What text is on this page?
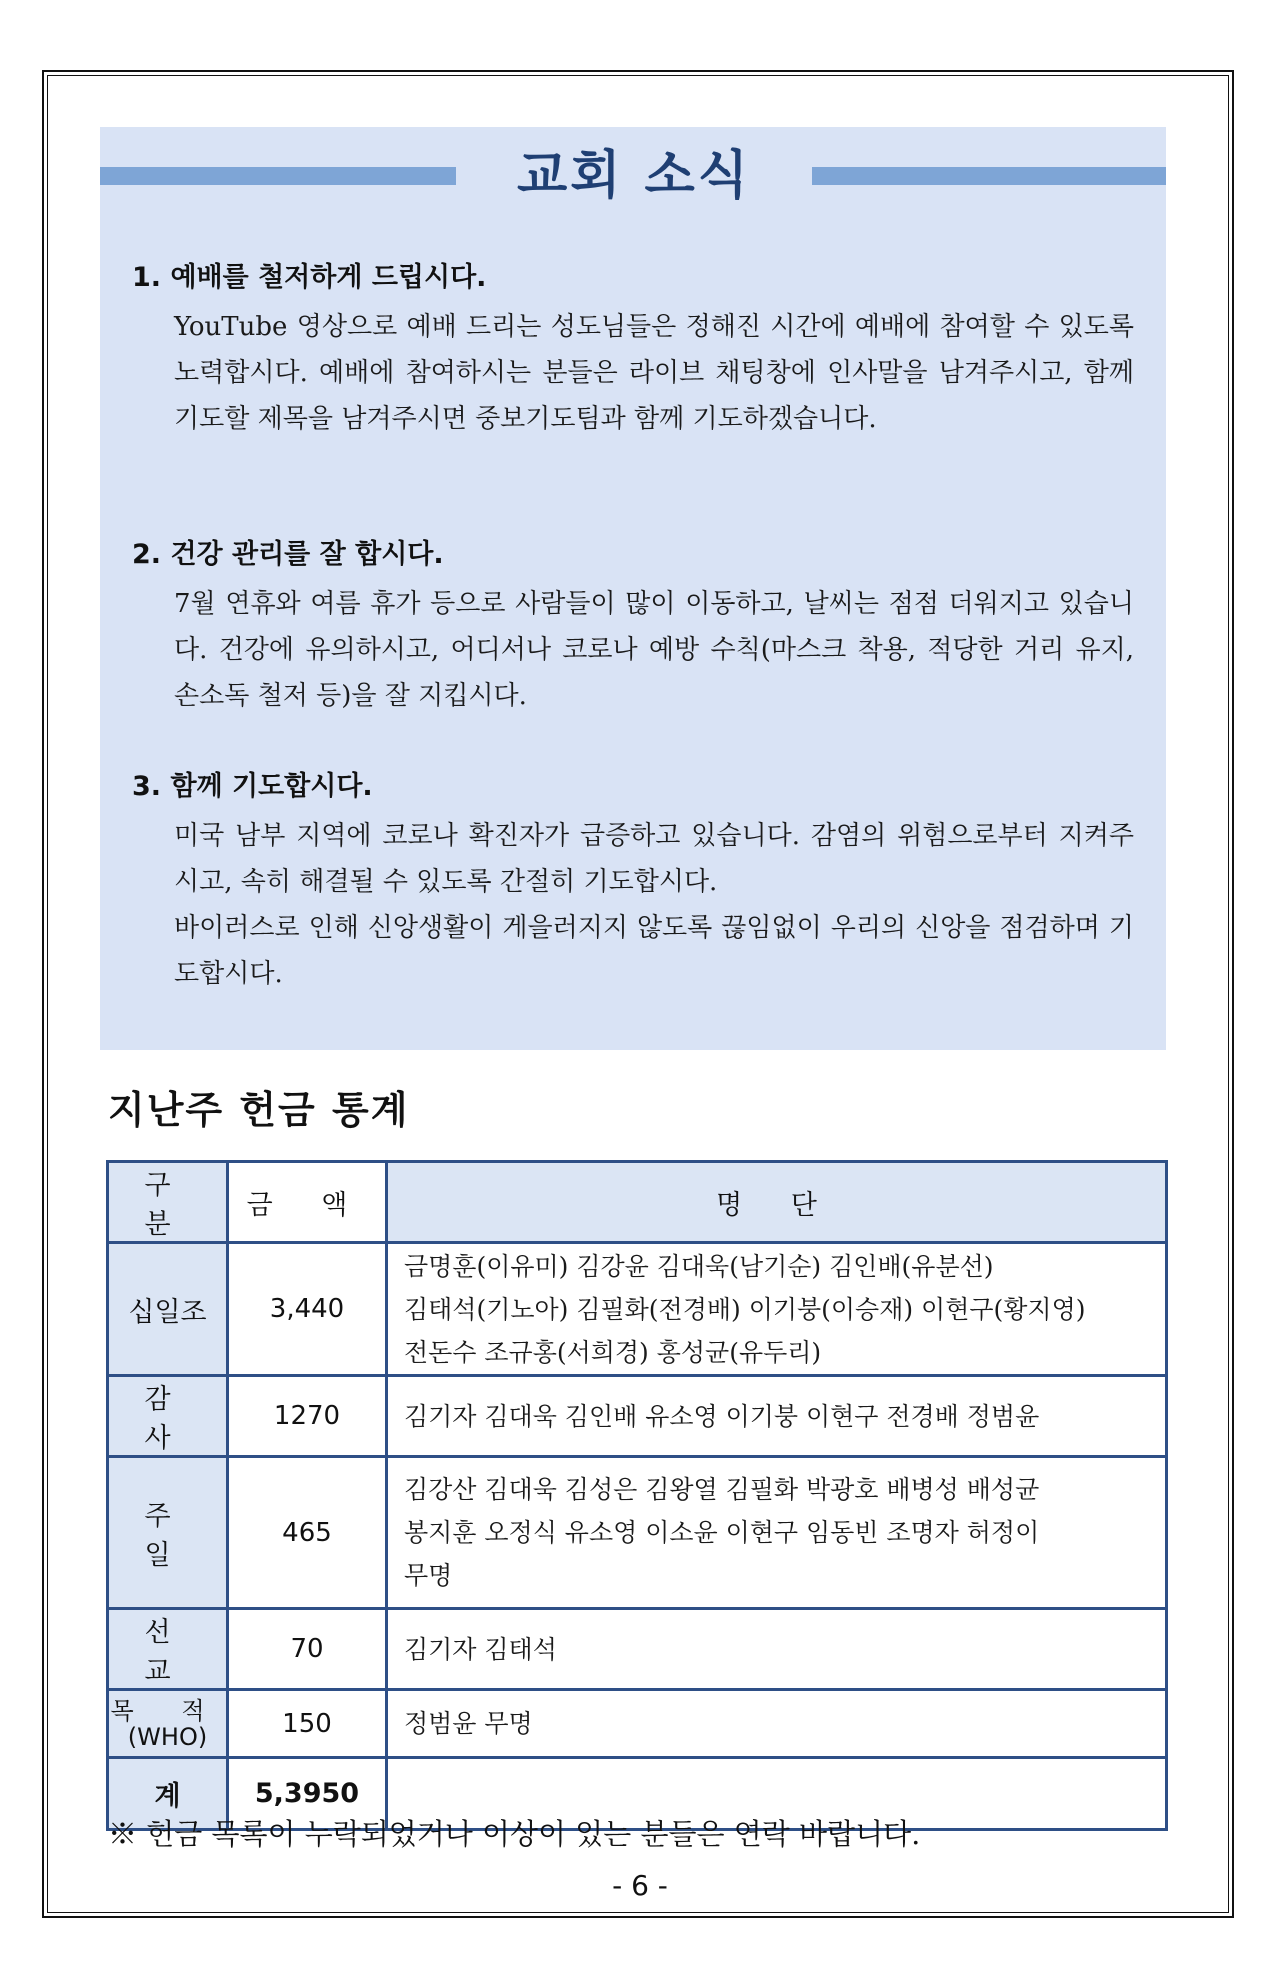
교회 소식
1. 예배를 철저하게 드립시다.

YouTube 영상으로 예배 드리는 성도님들은 정해진 시간에 예배에 참여할 수 있도록 노력합시다. 예배에 참여하시는 분들은 라이브 채팅창에 인사말을 남겨주시고, 함께 기도할 제목을 남겨주시면 중보기도팀과 함께 기도하겠습니다.

2. 건강 관리를 잘 합시다.

7월 연휴와 여름 휴가 등으로 사람들이 많이 이동하고, 날씨는 점점 더워지고 있습니다. 건강에 유의하시고, 어디서나 코로나 예방 수칙(마스크 착용, 적당한 거리 유지, 손소독 철저 등)을 잘 지킵시다.

3. 함께 기도합시다.

미국 남부 지역에 코로나 확진자가 급증하고 있습니다. 감염의 위험으로부터 지켜주시고, 속히 해결될 수 있도록 간절히 기도합시다.

바이러스로 인해 신앙생활이 게을러지지 않도록 끊임없이 우리의 신앙을 점검하며 기도합시다.

지난주 헌금 통계
구 분	금 액	명 단
십일조	3,440	금명훈(이유미) 김강윤 김대욱(남기순) 김인배(유분선)
김태석(기노아) 김필화(전경배) 이기붕(이승재) 이현구(황지영)
전돈수 조규홍(서희경) 홍성균(유두리)

감 사	1270	김기자 김대욱 김인배 유소영 이기붕 이현구 전경배 정범윤

주 일	465	김강산 김대욱 김성은 김왕열 김필화 박광호 배병성 배성균
봉지훈 오정식 유소영 이소윤 이현구 임동빈 조명자 허정이
무명

선 교	70	김기자 김태석

목 적
(WHO)	150	정범윤 무명

계	5,3950	
※ 헌금 목록이 누락되었거나 이상이 있는 분들은 연락 바랍니다.
- 6 -
